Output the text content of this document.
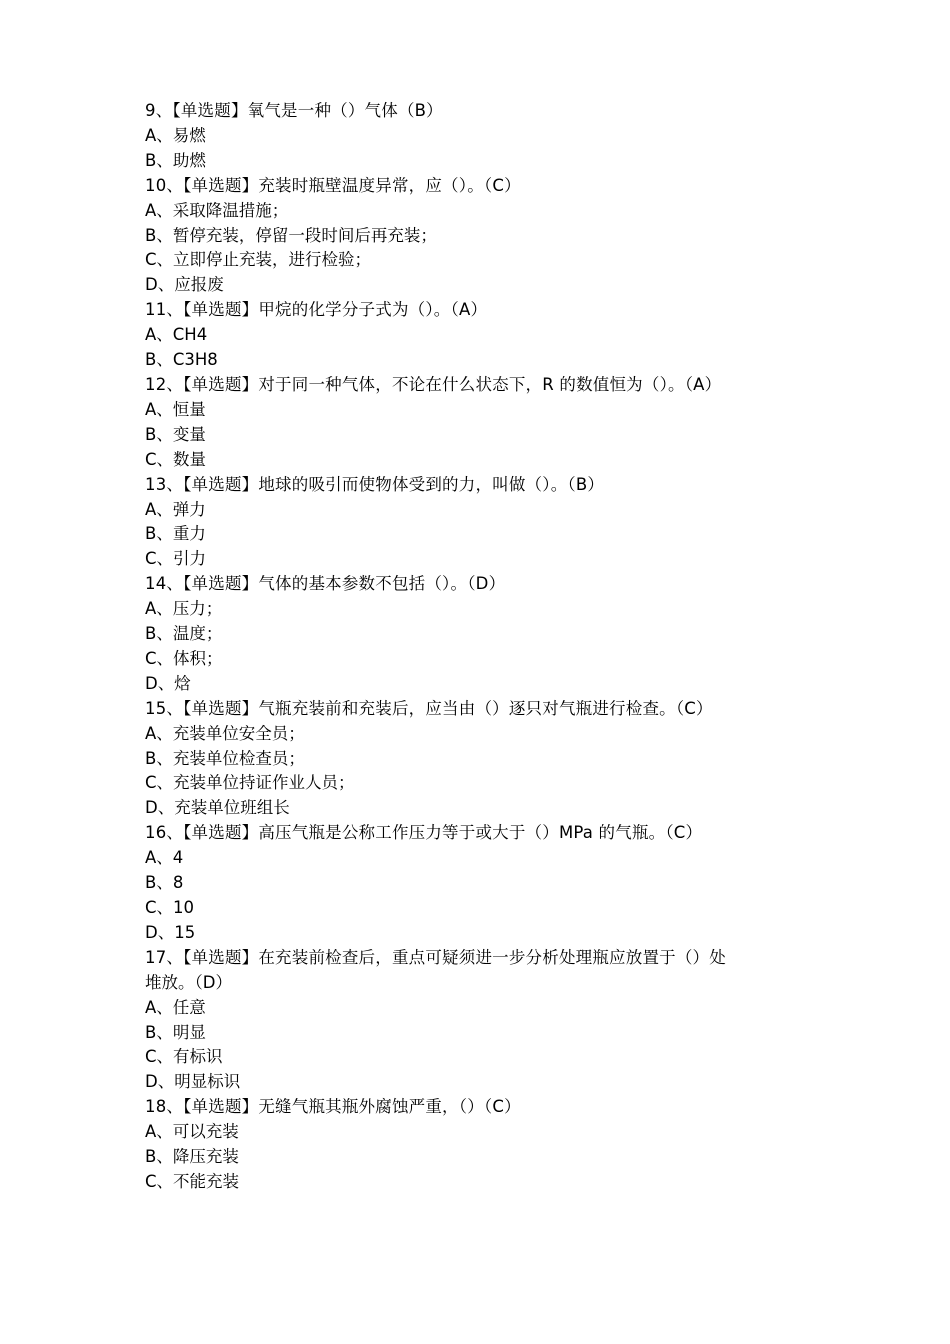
9、【单选题】氧气是一种（）气体（B）

A、易燃

B、助燃

10、【单选题】充装时瓶壁温度异常，应（）。（C）

A、采取降温措施；

B、暂停充装，停留一段时间后再充装；

C、立即停止充装，进行检验；

D、应报废

11、【单选题】甲烷的化学分子式为（）。（A）

A、CH4

B、C3H8

12、【单选题】对于同一种气体，不论在什么状态下，R 的数值恒为（）。（A）

A、恒量

B、变量

C、数量

13、【单选题】地球的吸引而使物体受到的力，叫做（）。（B）

A、弹力

B、重力

C、引力

14、【单选题】气体的基本参数不包括（）。（D）

A、压力；

B、温度；

C、体积；

D、焓

15、【单选题】气瓶充装前和充装后，应当由（）逐只对气瓶进行检查。（C）

A、充装单位安全员；

B、充装单位检查员；

C、充装单位持证作业人员；

D、充装单位班组长

16、【单选题】高压气瓶是公称工作压力等于或大于（）MPa 的气瓶。（C）

A、4

B、8

C、10

D、15

17、【单选题】在充装前检查后，重点可疑须进一步分析处理瓶应放置于（）处

堆放。（D）

A、任意

B、明显

C、有标识

D、明显标识

18、【单选题】无缝气瓶其瓶外腐蚀严重，（）（C）

A、可以充装

B、降压充装

C、不能充装
